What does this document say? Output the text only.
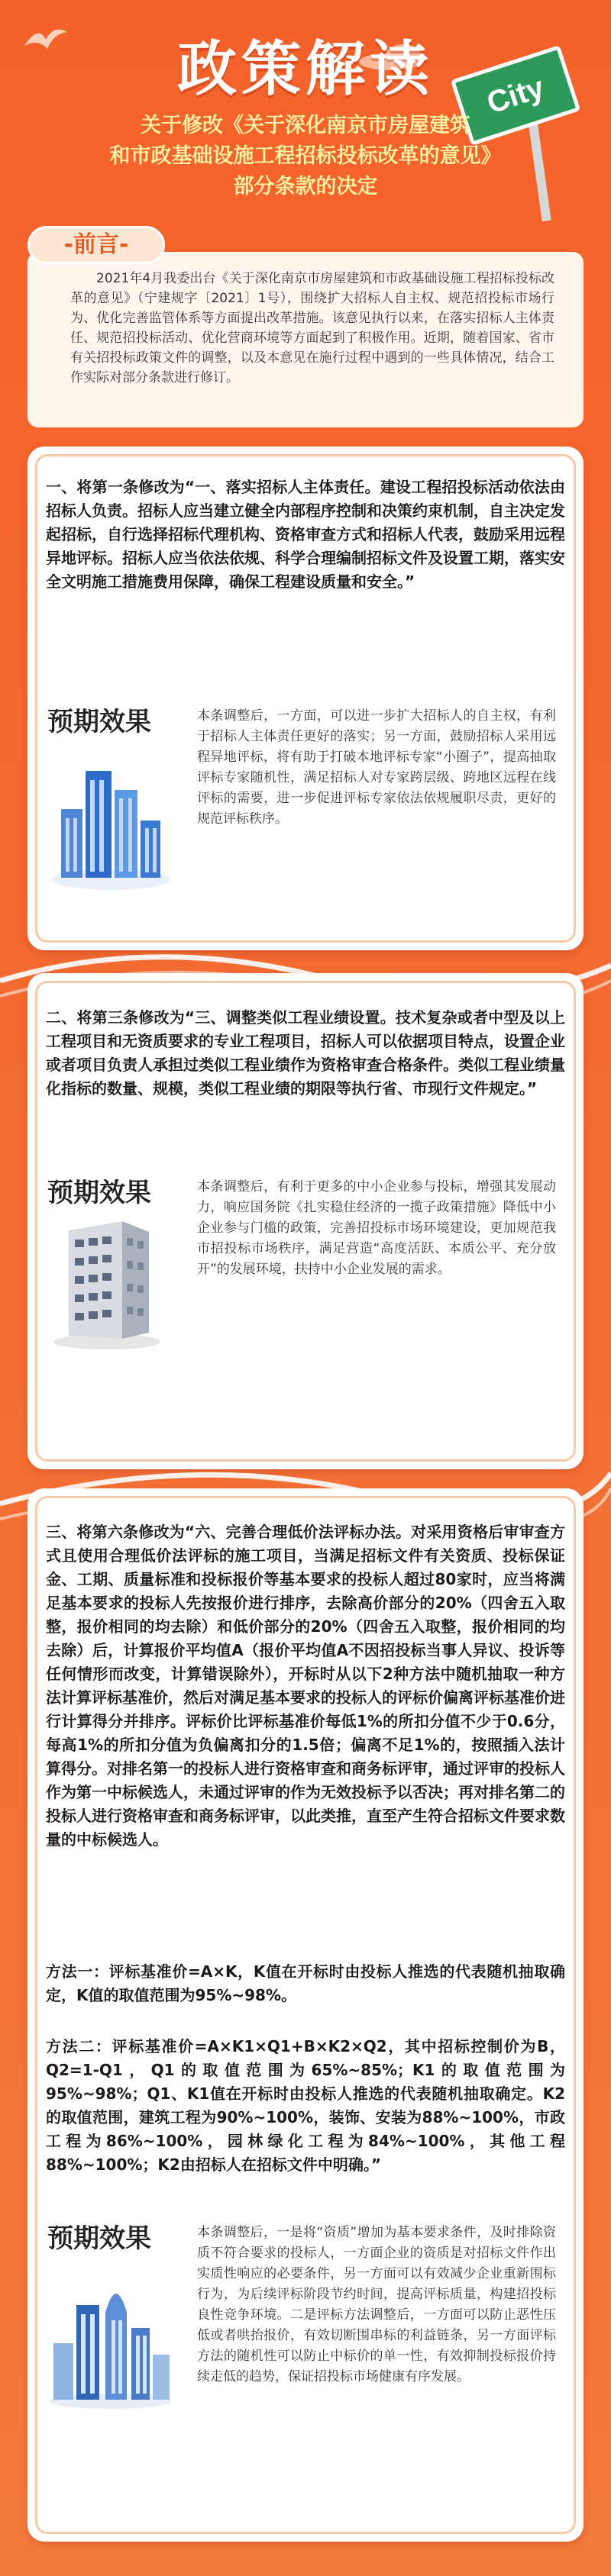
政策解读	City
关于修改《关于深化南京市房屋建筑
和市政基础设施工程招标投标改革的意见》
部分条款的决定
2021年4月我委出台《关于深化南京市房屋建筑和市政基础设施工程招标投标改革的意见》（宁建规字〔2021〕1号），围绕扩大招标人自主权、规范招投标市场行为、优化完善监管体系等方面提出改革措施。该意见执行以来，在落实招标人主体责任、规范招投标活动、优化营商环境等方面起到了积极作用。近期，随着国家、省市有关招投标政策文件的调整，以及本意见在施行过程中遇到的一些具体情况，结合工作实际对部分条款进行修订。
-前言-
一、将第一条修改为“一、落实招标人主体责任。建设工程招投标活动依法由招标人负责。招标人应当建立健全内部程序控制和决策约束机制，自主决定发起招标，自行选择招标代理机构、资格审查方式和招标人代表，鼓励采用远程异地评标。招标人应当依法依规、科学合理编制招标文件及设置工期，落实安全文明施工措施费用保障，确保工程建设质量和安全。”
预期效果	本条调整后，一方面，可以进一步扩大招标人的自主权，有利于招标人主体责任更好的落实；另一方面，鼓励招标人采用远程异地评标，将有助于打破本地评标专家“小圈子”，提高抽取评标专家随机性，满足招标人对专家跨层级、跨地区远程在线评标的需要，进一步促进评标专家依法依规履职尽责，更好的规范评标秩序。
二、将第三条修改为“三、调整类似工程业绩设置。技术复杂或者中型及以上工程项目和无资质要求的专业工程项目，招标人可以依据项目特点，设置企业或者项目负责人承担过类似工程业绩作为资格审查合格条件。类似工程业绩量化指标的数量、规模，类似工程业绩的期限等执行省、市现行文件规定。”
预期效果	本条调整后，有利于更多的中小企业参与投标，增强其发展动力，响应国务院《扎实稳住经济的一揽子政策措施》降低中小企业参与门槛的政策，完善招投标市场环境建设，更加规范我市招投标市场秩序，满足营造“高度活跃、本质公平、充分放开”的发展环境，扶持中小企业发展的需求。
三、将第六条修改为“六、完善合理低价法评标办法。对采用资格后审审查方式且使用合理低价法评标的施工项目，当满足招标文件有关资质、投标保证金、工期、质量标准和投标报价等基本要求的投标人超过80家时，应当将满足基本要求的投标人先按报价进行排序，去除高价部分的20%（四舍五入取整，报价相同的均去除）和低价部分的20%（四舍五入取整，报价相同的均去除）后，计算报价平均值A（报价平均值A不因招投标当事人异议、投诉等任何情形而改变，计算错误除外），开标时从以下2种方法中随机抽取一种方法计算评标基准价，然后对满足基本要求的投标人的评标价偏离评标基准价进行计算得分并排序。评标价比评标基准价每低1%的所扣分值不少于0.6分，每高1%的所扣分值为负偏离扣分的1.5倍；偏离不足1%的，按照插入法计算得分。对排名第一的投标人进行资格审查和商务标评审，通过评审的投标人作为第一中标候选人，未通过评审的作为无效投标予以否决；再对排名第二的投标人进行资格审查和商务标评审，以此类推，直至产生符合招标文件要求数量的中标候选人。
方法一：评标基准价=A×K，K值在开标时由投标人推选的代表随机抽取确定，K值的取值范围为95%~98%。
方法二：评标基准价=A×K1×Q1+B×K2×Q2，其中招标控制价为B，Q2=1-Q1，Q1的取值范围为65%~85%；K1的取值范围为95%~98%；Q1、K1值在开标时由投标人推选的代表随机抽取确定。K2的取值范围，建筑工程为90%~100%，装饰、安装为88%~100%，市政工程为86%~100%，园林绿化工程为84%~100%，其他工程88%~100%；K2由招标人在招标文件中明确。”
预期效果	本条调整后，一是将“资质”增加为基本要求条件，及时排除资质不符合要求的投标人，一方面企业的资质是对招标文件作出实质性响应的必要条件，另一方面可以有效减少企业重新围标行为，为后续评标阶段节约时间，提高评标质量，构建招投标良性竞争环境。二是评标方法调整后，一方面可以防止恶性压低或者哄抬报价，有效切断围串标的利益链条，另一方面评标方法的随机性可以防止中标价的单一性，有效抑制投标报价持续走低的趋势，保证招投标市场健康有序发展。
